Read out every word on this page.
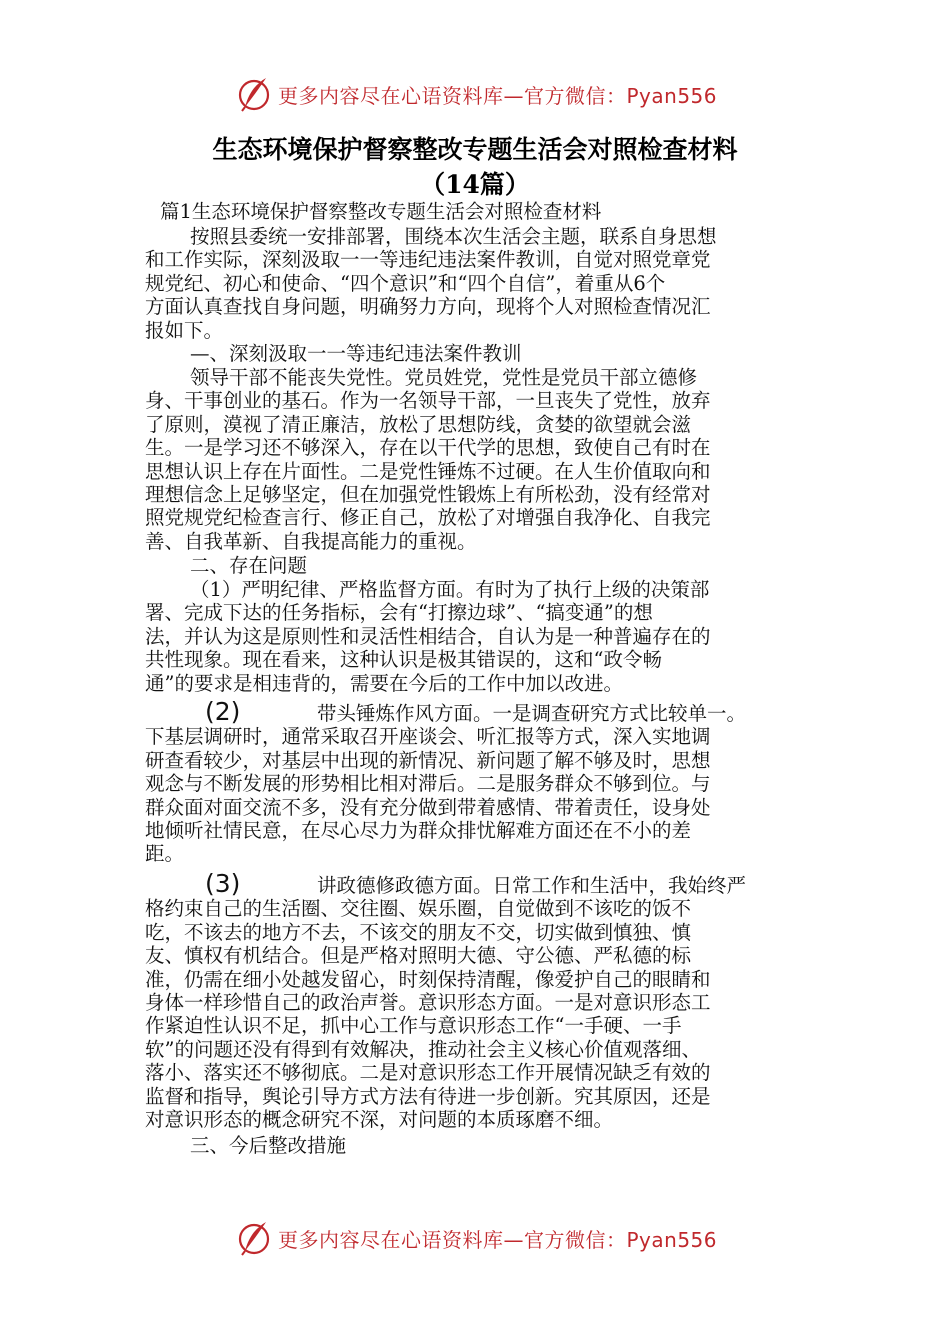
更多内容尽在心语资料库—官方微信：Pyan556
生态环境保护督察整改专题生活会对照检查材料
（14篇）
篇1生态环境保护督察整改专题生活会对照检查材料
按照县委统一安排部署，围绕本次生活会主题，联系自身思想
和工作实际，深刻汲取一一等违纪违法案件教训，自觉对照党章党
规党纪、初心和使命、“四个意识”和“四个自信”，着重从6个
方面认真查找自身问题，明确努力方向，现将个人对照检查情况汇
报如下。
—、深刻汲取一一等违纪违法案件教训
领导干部不能丧失党性。党员姓党，党性是党员干部立德修
身、干事创业的基石。作为一名领导干部，一旦丧失了党性，放弃
了原则，漠视了清正廉洁，放松了思想防线，贪婪的欲望就会滋
生。一是学习还不够深入，存在以干代学的思想，致使自己有时在
思想认识上存在片面性。二是党性锤炼不过硬。在人生价值取向和
理想信念上足够坚定，但在加强党性锻炼上有所松劲，没有经常对
照党规党纪检查言行、修正自己，放松了对增强自我净化、自我完
善、自我革新、自我提高能力的重视。
二、存在问题
（1）严明纪律、严格监督方面。有时为了执行上级的决策部
署、完成下达的任务指标，会有“打擦边球”、“搞变通”的想
法，并认为这是原则性和灵活性相结合，自认为是一种普遍存在的
共性现象。现在看来，这种认识是极其错误的，这和“政令畅
通”的要求是相违背的，需要在今后的工作中加以改进。
(2)	带头锤炼作风方面。一是调查研究方式比较单一。
下基层调研时，通常采取召开座谈会、听汇报等方式，深入实地调
研查看较少，对基层中出现的新情况、新问题了解不够及时，思想
观念与不断发展的形势相比相对滞后。二是服务群众不够到位。与
群众面对面交流不多，没有充分做到带着感情、带着责任，设身处
地倾听社情民意，在尽心尽力为群众排忧解难方面还在不小的差
距。
(3)	讲政德修政德方面。日常工作和生活中，我始终严
格约束自己的生活圈、交往圈、娱乐圈，自觉做到不该吃的饭不
吃，不该去的地方不去，不该交的朋友不交，切实做到慎独、慎
友、慎权有机结合。但是严格对照明大德、守公德、严私德的标
准，仍需在细小处越发留心，时刻保持清醒，像爱护自己的眼睛和
身体一样珍惜自己的政治声誉。意识形态方面。一是对意识形态工
作紧迫性认识不足，抓中心工作与意识形态工作“一手硬、一手
软”的问题还没有得到有效解决，推动社会主义核心价值观落细、
落小、落实还不够彻底。二是对意识形态工作开展情况缺乏有效的
监督和指导，舆论引导方式方法有待进一步创新。究其原因，还是
对意识形态的概念研究不深，对问题的本质琢磨不细。
三、今后整改措施
更多内容尽在心语资料库—官方微信：Pyan556
